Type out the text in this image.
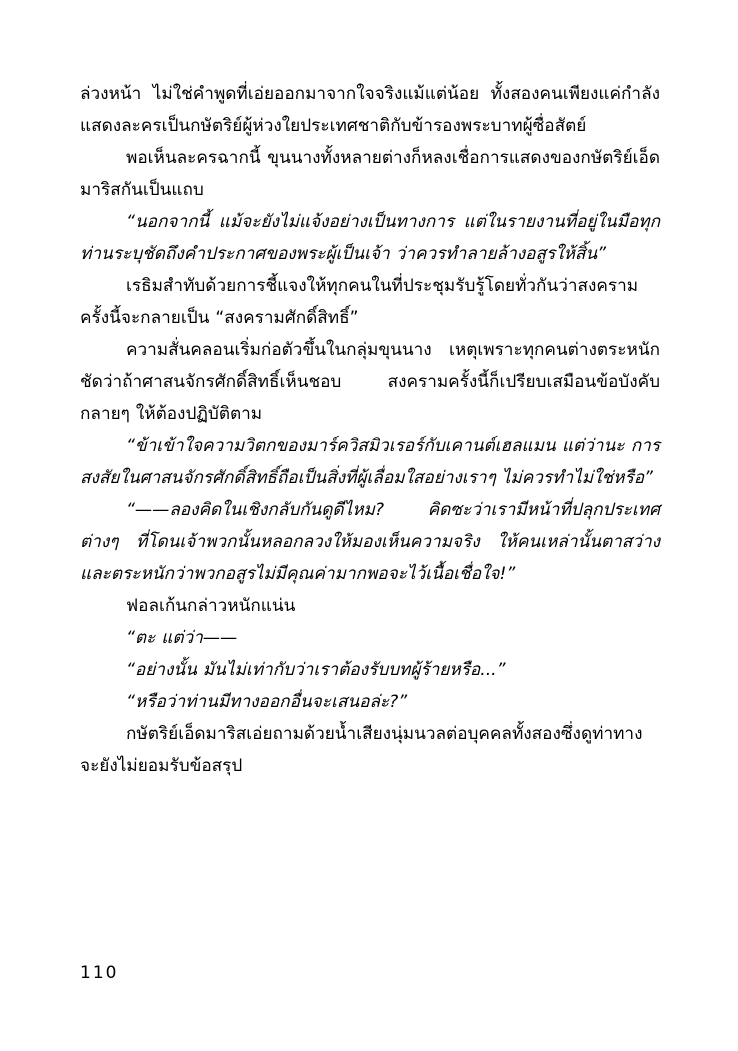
ล่วงหน้า ไม่ใช่คำพูดที่เอ่ยออกมาจากใจจริงแม้แต่น้อย ทั้งสองคนเพียงแค่กำลังแสดงละครเป็นกษัตริย์ผู้ห่วงใยประเทศชาติกับข้ารองพระบาทผู้ซื่อสัตย์

พอเห็นละครฉากนี้ ขุนนางทั้งหลายต่างก็หลงเชื่อการแสดงของกษัตริย์เอ็ดมาริสกันเป็นแถบ

“นอกจากนี้ แม้จะยังไม่แจ้งอย่างเป็นทางการ แต่ในรายงานที่อยู่ในมือทุกท่านระบุชัดถึงคำประกาศของพระผู้เป็นเจ้า ว่าควรทำลายล้างอสูรให้สิ้น”

เรธิมสำทับด้วยการชี้แจงให้ทุกคนในที่ประชุมรับรู้โดยทั่วกันว่าสงครามครั้งนี้จะกลายเป็น “สงครามศักดิ์สิทธิ์”

ความสั่นคลอนเริ่มก่อตัวขึ้นในกลุ่มขุนนาง เหตุเพราะทุกคนต่างตระหนักชัดว่าถ้าศาสนจักรศักดิ์สิทธิ์เห็นชอบ สงครามครั้งนี้ก็เปรียบเสมือนข้อบังคับกลายๆ ให้ต้องปฏิบัติตาม

“ข้าเข้าใจความวิตกของมาร์ควิสมิวเรอร์กับเคานต์เฮลแมน แต่ว่านะ การสงสัยในศาสนจักรศักดิ์สิทธิ์ถือเป็นสิ่งที่ผู้เลื่อมใสอย่างเราๆ ไม่ควรทำไม่ใช่หรือ”

“——ลองคิดในเชิงกลับกันดูดีไหม? คิดซะว่าเรามีหน้าที่ปลุกประเทศต่างๆ ที่โดนเจ้าพวกนั้นหลอกลวงให้มองเห็นความจริง ให้คนเหล่านั้นตาสว่างและตระหนักว่าพวกอสูรไม่มีคุณค่ามากพอจะไว้เนื้อเชื่อใจ!”

ฟอลเก้นกล่าวหนักแน่น

“ตะ แต่ว่า——

“อย่างนั้น มันไม่เท่ากับว่าเราต้องรับบทผู้ร้ายหรือ...”

“หรือว่าท่านมีทางออกอื่นจะเสนอล่ะ?”

กษัตริย์เอ็ดมาริสเอ่ยถามด้วยน้ำเสียงนุ่มนวลต่อบุคคลทั้งสองซึ่งดูท่าทางจะยังไม่ยอมรับข้อสรุป

110
